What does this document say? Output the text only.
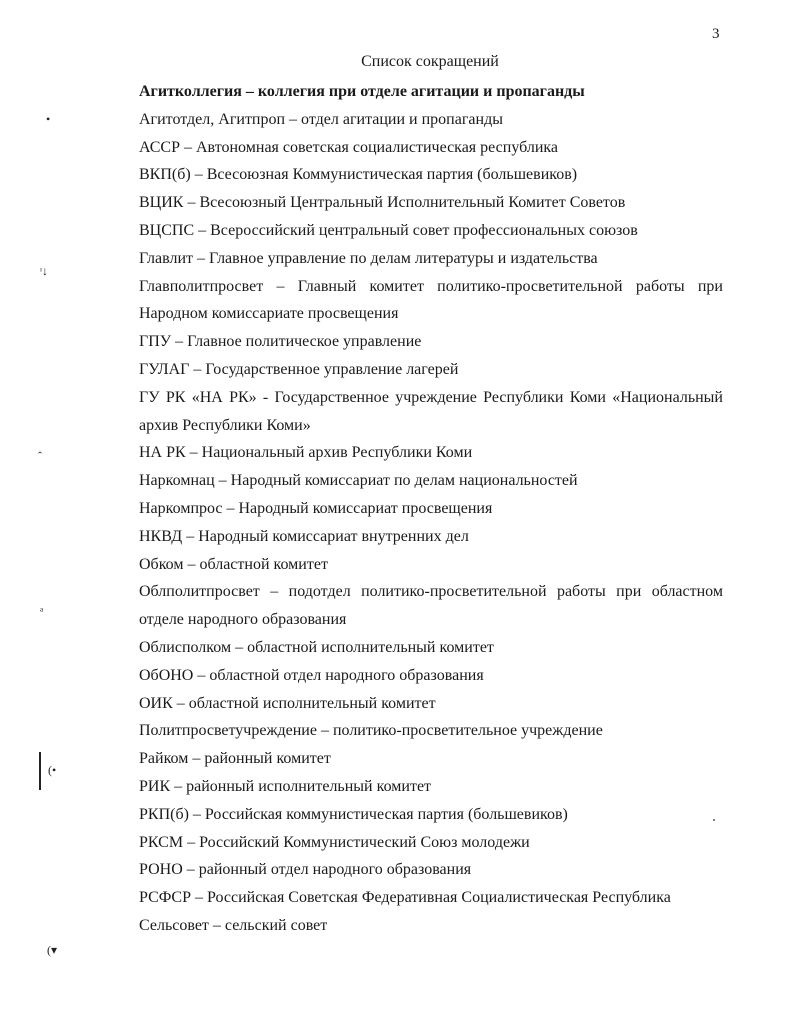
3
Список сокращений
Агитколлегия – коллегия при отделе агитации и пропаганды
Агитотдел, Агитпроп – отдел агитации и пропаганды
АССР – Автономная советская социалистическая республика
ВКП(б) – Всесоюзная Коммунистическая партия (большевиков)
ВЦИК – Всесоюзный Центральный Исполнительный Комитет Советов
ВЦСПС – Всероссийский центральный совет профессиональных союзов
Главлит – Главное управление по делам литературы и издательства
Главполитпросвет – Главный комитет политико-просветительной работы при
Народном комиссариате просвещения
ГПУ – Главное политическое управление
ГУЛАГ – Государственное управление лагерей
ГУ РК «НА РК» - Государственное учреждение Республики Коми «Национальный
архив Республики Коми»
НА РК – Национальный архив Республики Коми
Наркомнац – Народный комиссариат по делам национальностей
Наркомпрос – Народный комиссариат просвещения
НКВД – Народный комиссариат внутренних дел
Обком – областной комитет
Облполитпросвет – подотдел политико-просветительной работы при областном
отделе народного образования
Облисполком – областной исполнительный комитет
ОбОНО – областной отдел народного образования
ОИК – областной исполнительный комитет
Политпросветучреждение – политико-просветительное учреждение
Райком – районный комитет
РИК – районный исполнительный комитет
РКП(б) – Российская коммунистическая партия (большевиков)
РКСМ – Российский Коммунистический Союз молодежи
РОНО – районный отдел народного образования
РСФСР – Российская Советская Федеративная Социалистическая Республика
Сельсовет – сельский совет
•
ᶦ↓
ꞈ
ᵃ
(•
(▾
